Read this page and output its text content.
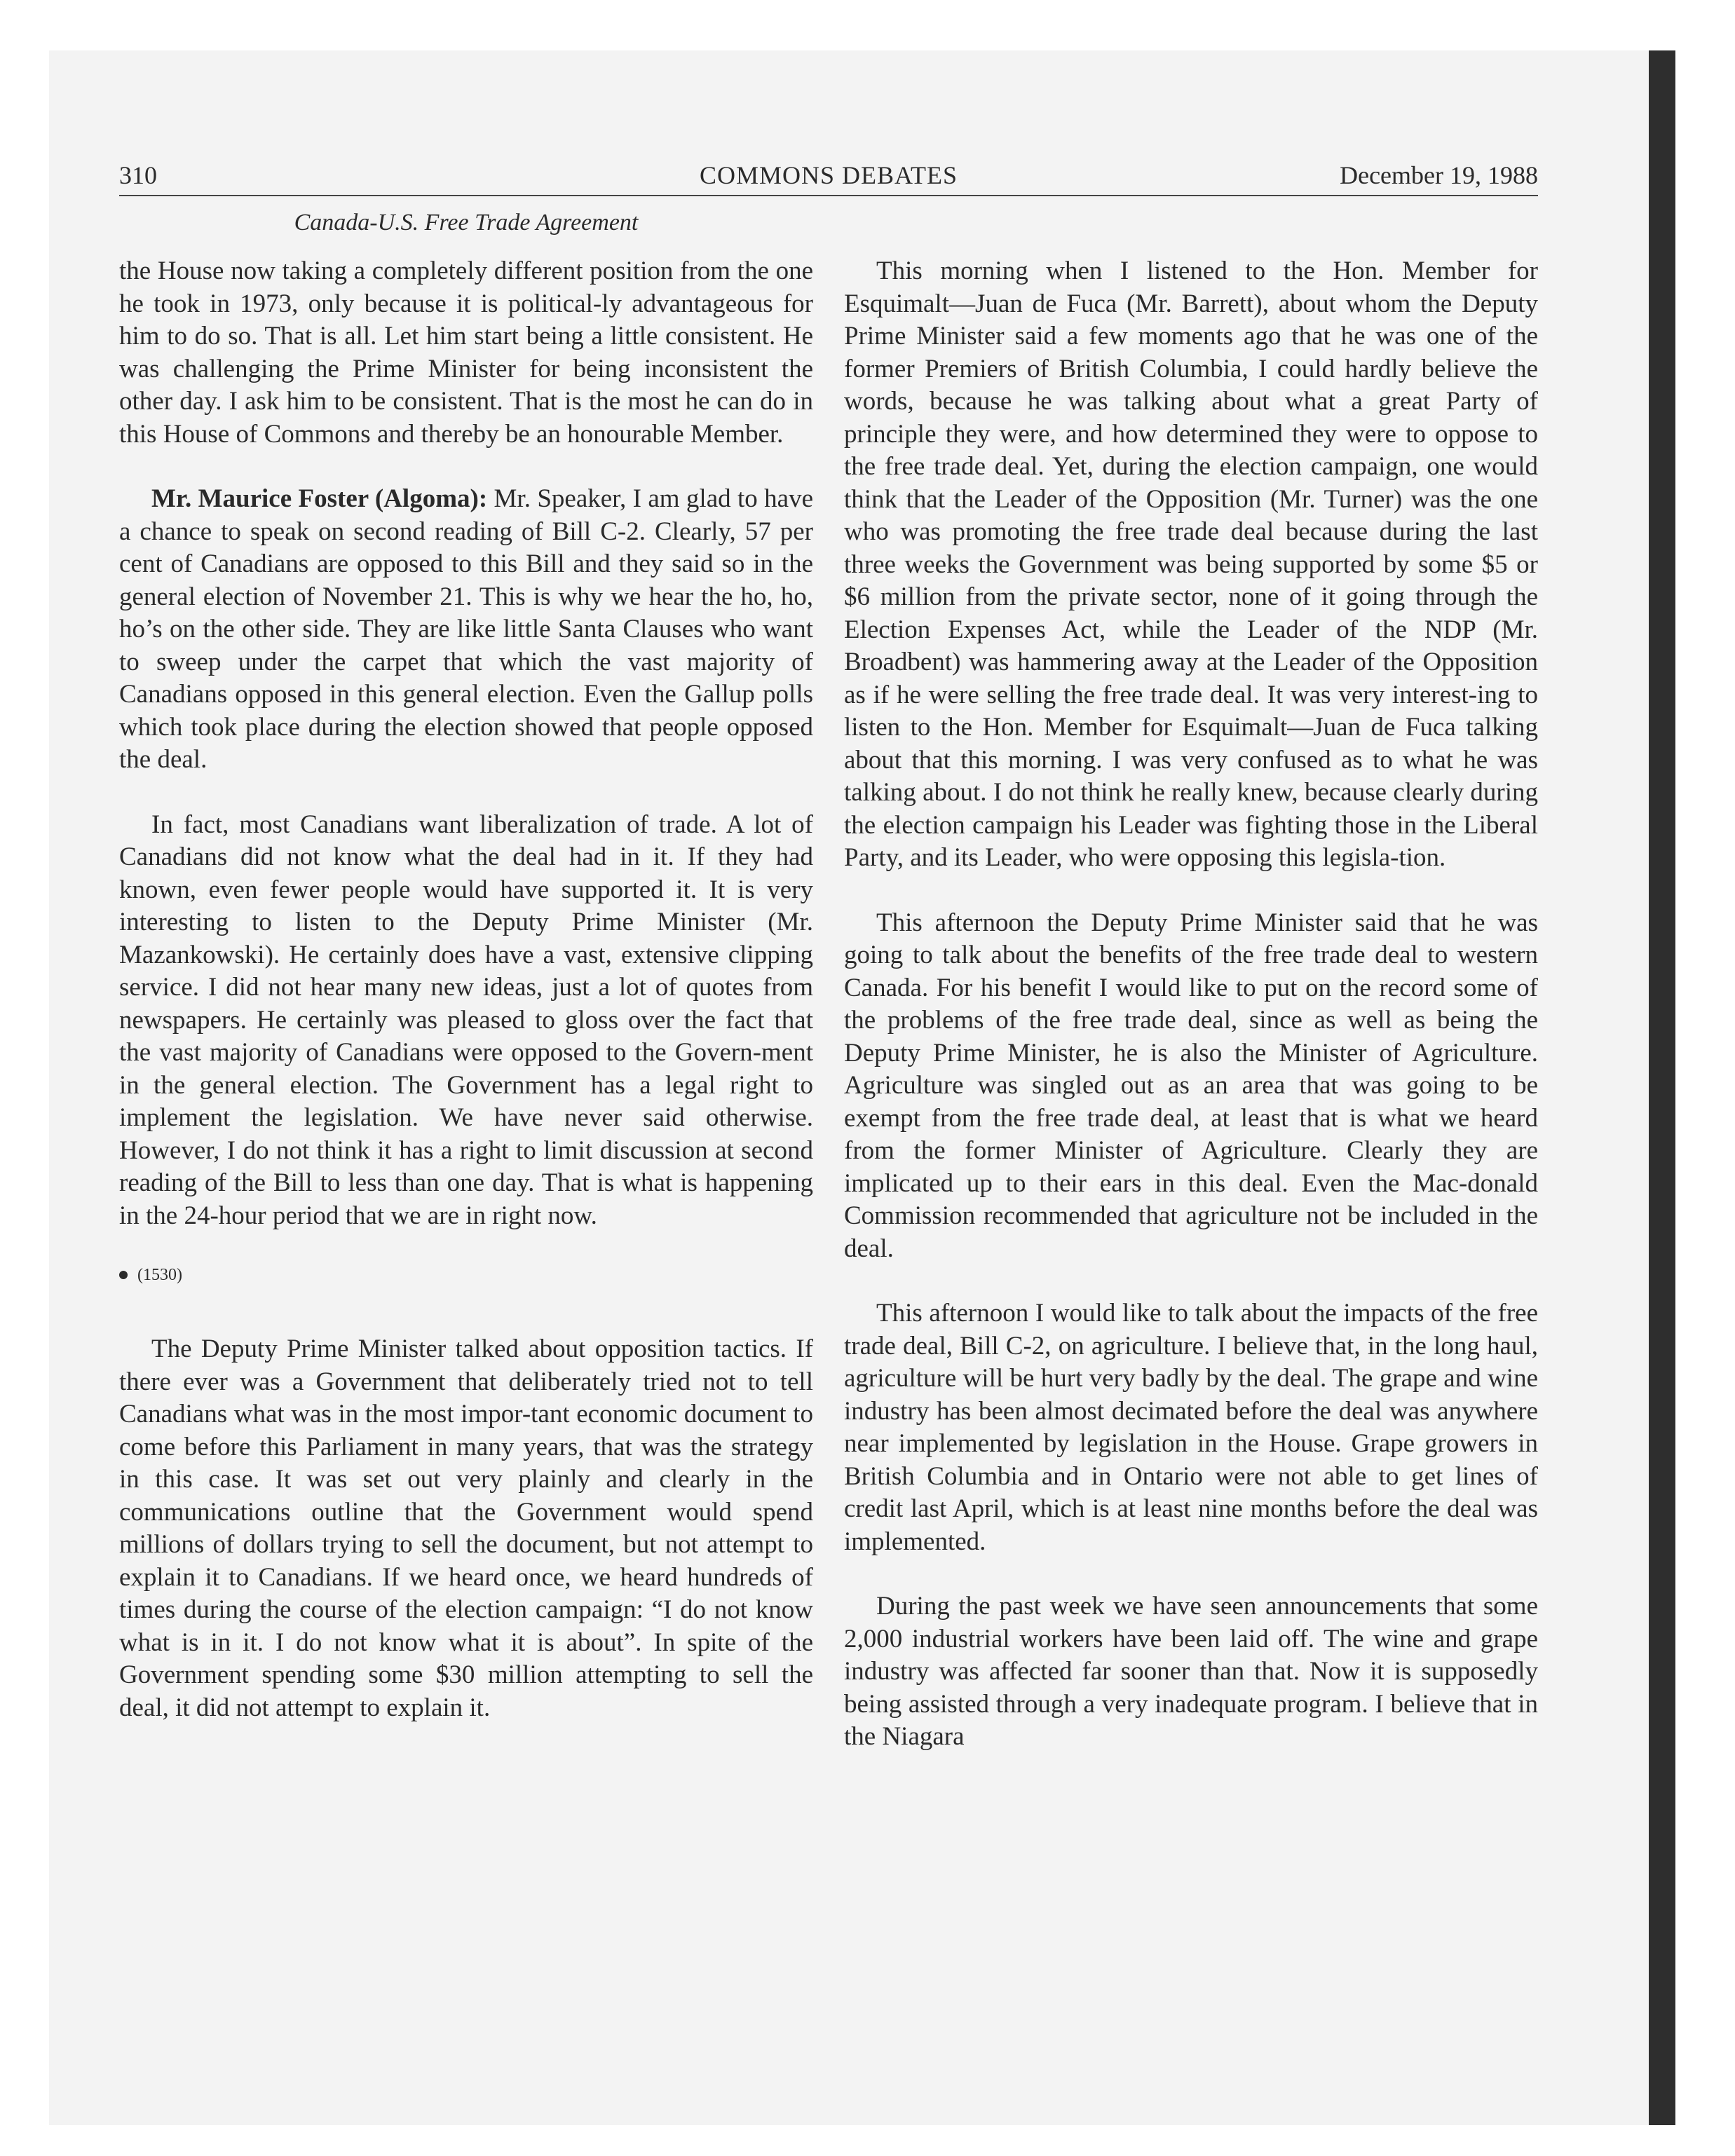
310	COMMONS DEBATES	December 19, 1988
Canada-U.S. Free Trade Agreement

the House now taking a completely different position from the one he took in 1973, only because it is political-ly advantageous for him to do so. That is all. Let him start being a little consistent. He was challenging the Prime Minister for being inconsistent the other day. I ask him to be consistent. That is the most he can do in this House of Commons and thereby be an honourable Member.

Mr. Maurice Foster (Algoma): Mr. Speaker, I am glad to have a chance to speak on second reading of Bill C-2. Clearly, 57 per cent of Canadians are opposed to this Bill and they said so in the general election of November 21. This is why we hear the ho, ho, ho’s on the other side. They are like little Santa Clauses who want to sweep under the carpet that which the vast majority of Canadians opposed in this general election. Even the Gallup polls which took place during the election showed that people opposed the deal.

In fact, most Canadians want liberalization of trade. A lot of Canadians did not know what the deal had in it. If they had known, even fewer people would have supported it. It is very interesting to listen to the Deputy Prime Minister (Mr. Mazankowski). He certainly does have a vast, extensive clipping service. I did not hear many new ideas, just a lot of quotes from newspapers. He certainly was pleased to gloss over the fact that the vast majority of Canadians were opposed to the Govern-ment in the general election. The Government has a legal right to implement the legislation. We have never said otherwise. However, I do not think it has a right to limit discussion at second reading of the Bill to less than one day. That is what is happening in the 24-hour period that we are in right now.

(1530)

The Deputy Prime Minister talked about opposition tactics. If there ever was a Government that deliberately tried not to tell Canadians what was in the most impor-tant economic document to come before this Parliament in many years, that was the strategy in this case. It was set out very plainly and clearly in the communications outline that the Government would spend millions of dollars trying to sell the document, but not attempt to explain it to Canadians. If we heard once, we heard hundreds of times during the course of the election campaign: “I do not know what is in it. I do not know what it is about”. In spite of the Government spending some $30 million attempting to sell the deal, it did not attempt to explain it.

This morning when I listened to the Hon. Member for Esquimalt—Juan de Fuca (Mr. Barrett), about whom the Deputy Prime Minister said a few moments ago that he was one of the former Premiers of British Columbia, I could hardly believe the words, because he was talking about what a great Party of principle they were, and how determined they were to oppose to the free trade deal. Yet, during the election campaign, one would think that the Leader of the Opposition (Mr. Turner) was the one who was promoting the free trade deal because during the last three weeks the Government was being supported by some $5 or $6 million from the private sector, none of it going through the Election Expenses Act, while the Leader of the NDP (Mr. Broadbent) was hammering away at the Leader of the Opposition as if he were selling the free trade deal. It was very interest-ing to listen to the Hon. Member for Esquimalt—Juan de Fuca talking about that this morning. I was very confused as to what he was talking about. I do not think he really knew, because clearly during the election campaign his Leader was fighting those in the Liberal Party, and its Leader, who were opposing this legisla-tion.

This afternoon the Deputy Prime Minister said that he was going to talk about the benefits of the free trade deal to western Canada. For his benefit I would like to put on the record some of the problems of the free trade deal, since as well as being the Deputy Prime Minister, he is also the Minister of Agriculture. Agriculture was singled out as an area that was going to be exempt from the free trade deal, at least that is what we heard from the former Minister of Agriculture. Clearly they are implicated up to their ears in this deal. Even the Mac-donald Commission recommended that agriculture not be included in the deal.

This afternoon I would like to talk about the impacts of the free trade deal, Bill C-2, on agriculture. I believe that, in the long haul, agriculture will be hurt very badly by the deal. The grape and wine industry has been almost decimated before the deal was anywhere near implemented by legislation in the House. Grape growers in British Columbia and in Ontario were not able to get lines of credit last April, which is at least nine months before the deal was implemented.

During the past week we have seen announcements that some 2,000 industrial workers have been laid off. The wine and grape industry was affected far sooner than that. Now it is supposedly being assisted through a very inadequate program. I believe that in the Niagara
